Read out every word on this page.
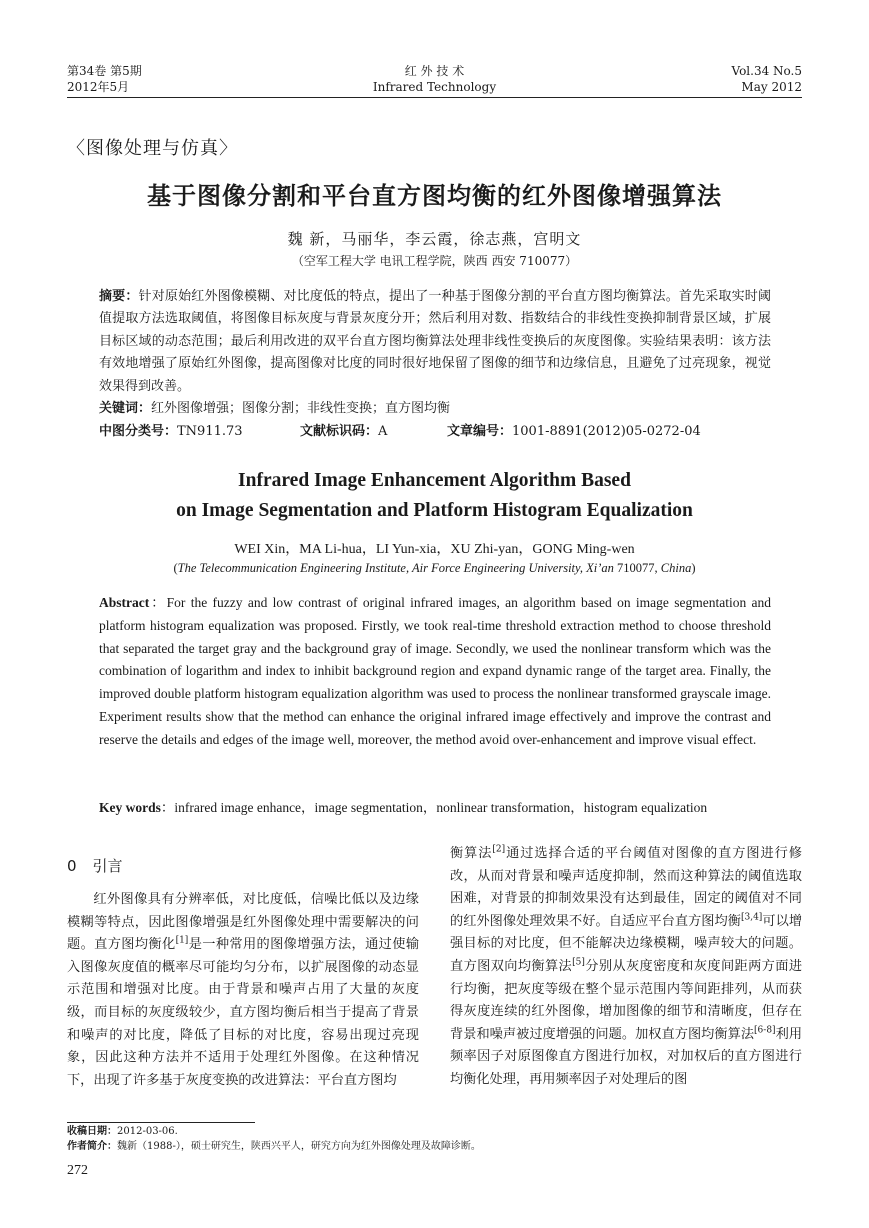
第34卷 第5期
2012年5月
红 外 技 术
Infrared Technology
Vol.34 No.5
May 2012
〈图像处理与仿真〉
基于图像分割和平台直方图均衡的红外图像增强算法
魏 新，马丽华，李云霞，徐志燕，宫明文
（空军工程大学 电讯工程学院，陕西 西安 710077）
摘要：针对原始红外图像模糊、对比度低的特点，提出了一种基于图像分割的平台直方图均衡算法。首先采取实时阈值提取方法选取阈值，将图像目标灰度与背景灰度分开；然后利用对数、指数结合的非线性变换抑制背景区域，扩展目标区域的动态范围；最后利用改进的双平台直方图均衡算法处理非线性变换后的灰度图像。实验结果表明：该方法有效地增强了原始红外图像，提高图像对比度的同时很好地保留了图像的细节和边缘信息，且避免了过亮现象，视觉效果得到改善。
关键词：红外图像增强；图像分割；非线性变换；直方图均衡
中图分类号：TN911.73	文献标识码：A	文章编号：1001-8891(2012)05-0272-04
Infrared Image Enhancement Algorithm Based
on Image Segmentation and Platform Histogram Equalization
WEI Xin，MA Li-hua，LI Yun-xia，XU Zhi-yan，GONG Ming-wen
(The Telecommunication Engineering Institute, Air Force Engineering University, Xi’an 710077, China)
Abstract：For the fuzzy and low contrast of original infrared images, an algorithm based on image segmentation and platform histogram equalization was proposed. Firstly, we took real-time threshold extraction method to choose threshold that separated the target gray and the background gray of image. Secondly, we used the nonlinear transform which was the combination of logarithm and index to inhibit background region and expand dynamic range of the target area. Finally, the improved double platform histogram equalization algorithm was used to process the nonlinear transformed grayscale image. Experiment results show that the method can enhance the original infrared image effectively and improve the contrast and reserve the details and edges of the image well, moreover, the method avoid over-enhancement and improve visual effect.
Key words：infrared image enhance，image segmentation，nonlinear transformation，histogram equalization
0 引言
红外图像具有分辨率低，对比度低，信噪比低以及边缘模糊等特点，因此图像增强是红外图像处理中需要解决的问题。直方图均衡化[1]是一种常用的图像增强方法，通过使输入图像灰度值的概率尽可能均匀分布，以扩展图像的动态显示范围和增强对比度。由于背景和噪声占用了大量的灰度级，而目标的灰度级较少，直方图均衡后相当于提高了背景和噪声的对比度，降低了目标的对比度，容易出现过亮现象，因此这种方法并不适用于处理红外图像。在这种情况下，出现了许多基于灰度变换的改进算法：平台直方图均
衡算法[2]通过选择合适的平台阈值对图像的直方图进行修改，从而对背景和噪声适度抑制，然而这种算法的阈值选取困难，对背景的抑制效果没有达到最佳，固定的阈值对不同的红外图像处理效果不好。自适应平台直方图均衡[3,4]可以增强目标的对比度，但不能解决边缘模糊，噪声较大的问题。直方图双向均衡算法[5]分别从灰度密度和灰度间距两方面进行均衡，把灰度等级在整个显示范围内等间距排列，从而获得灰度连续的红外图像，增加图像的细节和清晰度，但存在背景和噪声被过度增强的问题。加权直方图均衡算法[6-8]利用频率因子对原图像直方图进行加权，对加权后的直方图进行均衡化处理，再用频率因子对处理后的图
收稿日期：2012-03-06.
作者简介：魏新（1988-），硕士研究生，陕西兴平人，研究方向为红外图像处理及故障诊断。
272
